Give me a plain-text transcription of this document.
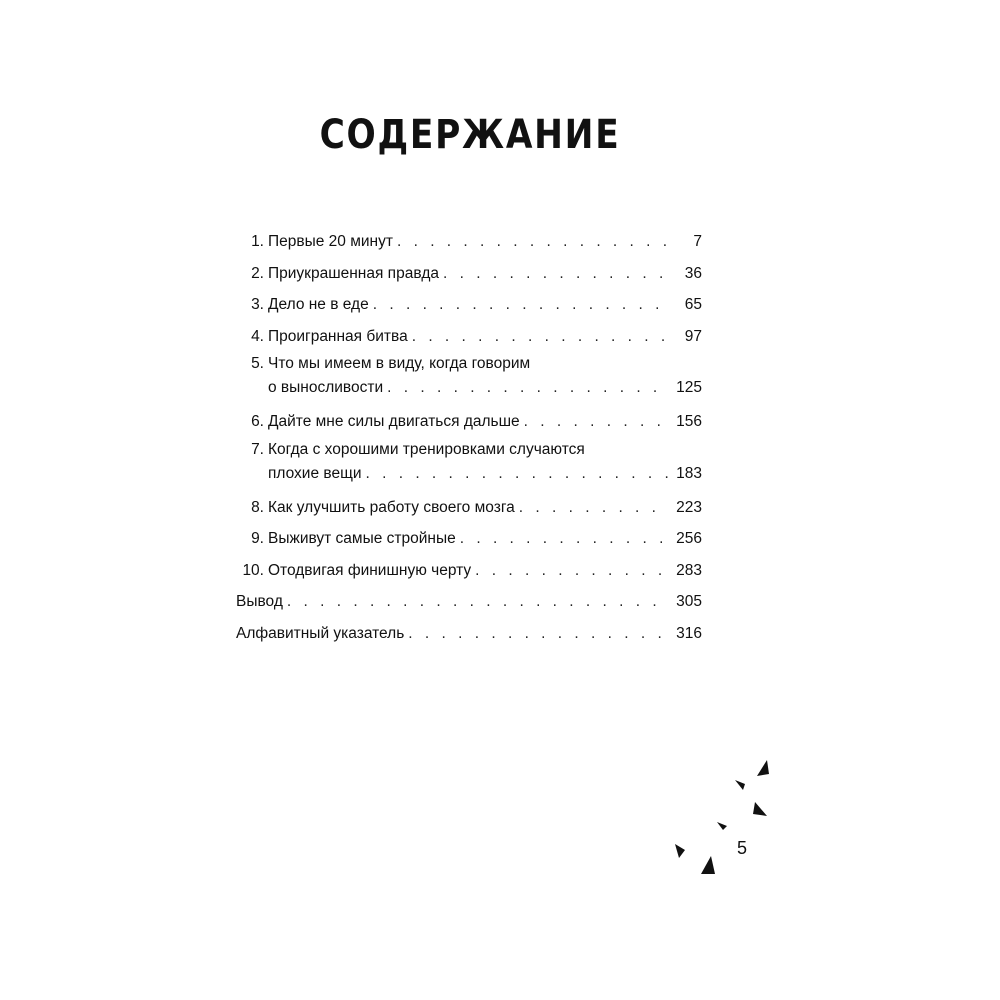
СОДЕРЖАНИЕ
1. Первые 20 минут . . .	7
2. Приукрашенная правда . . .	36
3. Дело не в еде . . .	65
4. Проигранная битва . . .	97
5. Что мы имеем в виду, когда говорим
о выносливости . . .	125
6. Дайте мне силы двигаться дальше . . .	156
7. Когда с хорошими тренировками случаются
плохие вещи . . .	183
8. Как улучшить работу своего мозга . . .	223
9. Выживут самые стройные . . .	256
10. Отодвигая финишную черту . . .	283
Вывод . . .	305
Алфавитный указатель . . .	316
5
